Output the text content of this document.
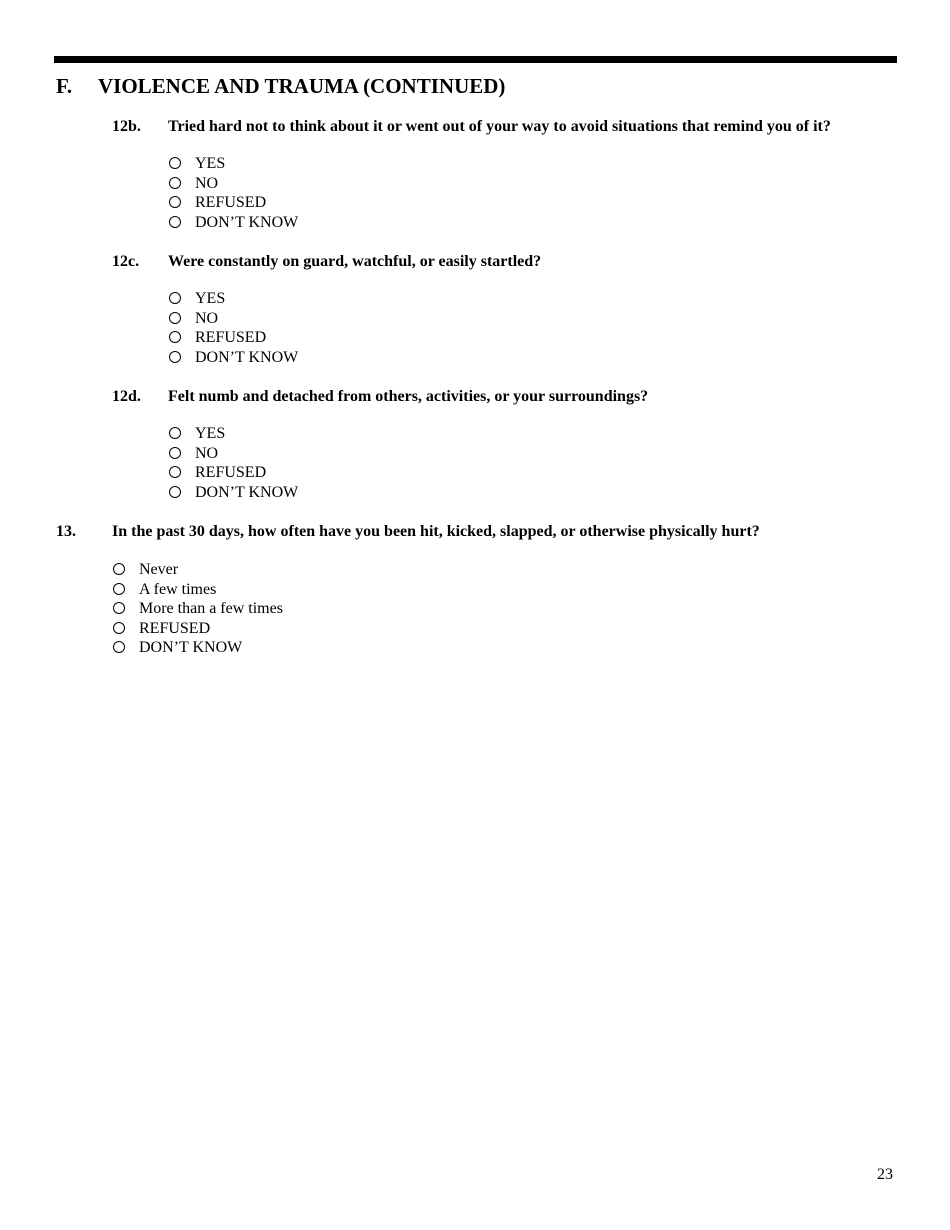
F. VIOLENCE AND TRAUMA (CONTINUED)
12b. Tried hard not to think about it or went out of your way to avoid situations that remind you of it?
YES
NO
REFUSED
DON’T KNOW
12c. Were constantly on guard, watchful, or easily startled?
YES
NO
REFUSED
DON’T KNOW
12d. Felt numb and detached from others, activities, or your surroundings?
YES
NO
REFUSED
DON’T KNOW
13. In the past 30 days, how often have you been hit, kicked, slapped, or otherwise physically hurt?
Never
A few times
More than a few times
REFUSED
DON’T KNOW
23
